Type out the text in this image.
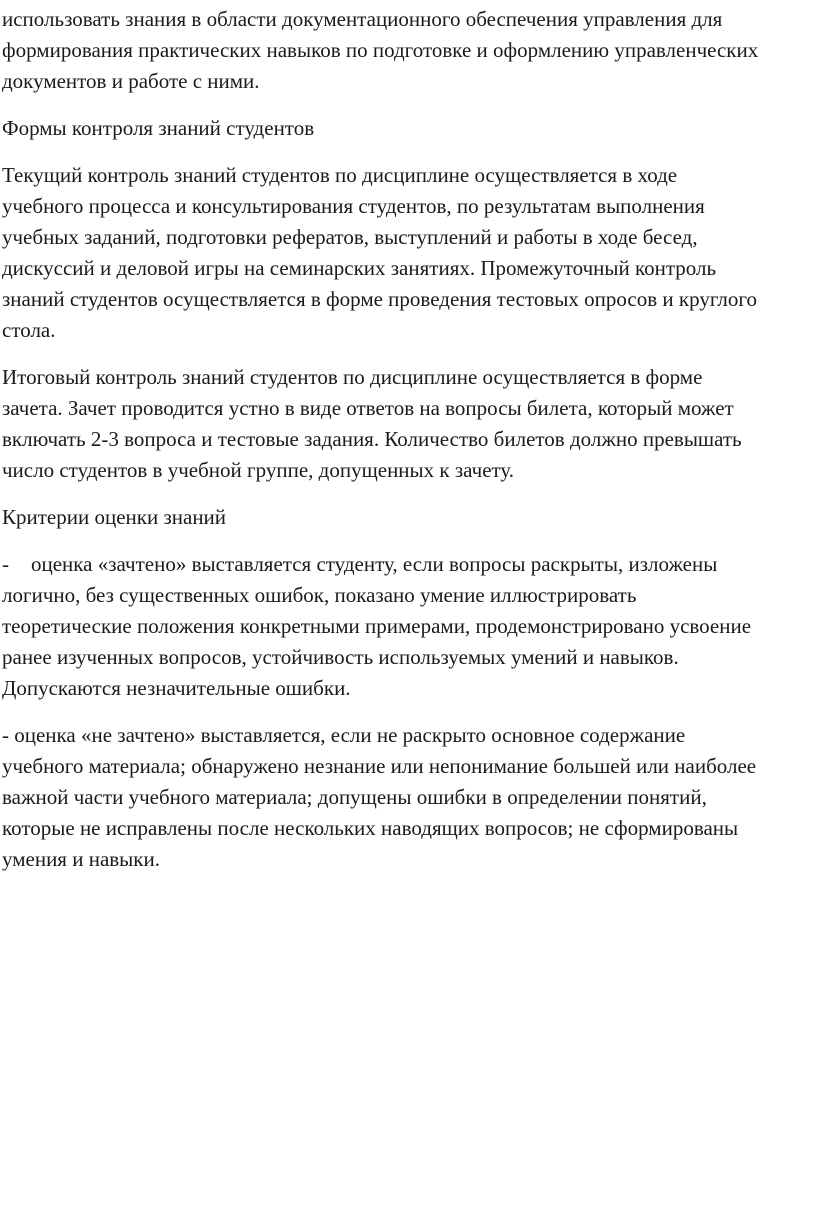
использовать знания в области документационного обеспечения управления для
формирования практических навыков по подготовке и оформлению управленческих
документов и работе с ними.

Формы контроля знаний студентов

Текущий контроль знаний студентов по дисциплине осуществляется в ходе
учебного процесса и консультирования студентов, по результатам выполнения
учебных заданий, подготовки рефератов, выступлений и работы в ходе бесед,
дискуссий и деловой игры на семинарских занятиях. Промежуточный контроль
знаний студентов осуществляется в форме проведения тестовых опросов и круглого
стола.

Итоговый контроль знаний студентов по дисциплине осуществляется в форме
зачета. Зачет проводится устно в виде ответов на вопросы билета, который может
включать 2-3 вопроса и тестовые задания. Количество билетов должно превышать
число студентов в учебной группе, допущенных к зачету.

Критерии оценки знаний

- оценка «зачтено» выставляется студенту, если вопросы раскрыты, изложены
логично, без существенных ошибок, показано умение иллюстрировать
теоретические положения конкретными примерами, продемонстрировано усвоение
ранее изученных вопросов, устойчивость используемых умений и навыков.
Допускаются незначительные ошибки.

- оценка «не зачтено» выставляется, если не раскрыто основное содержание
учебного материала; обнаружено незнание или непонимание большей или наиболее
важной части учебного материала; допущены ошибки в определении понятий,
которые не исправлены после нескольких наводящих вопросов; не сформированы
умения и навыки.
